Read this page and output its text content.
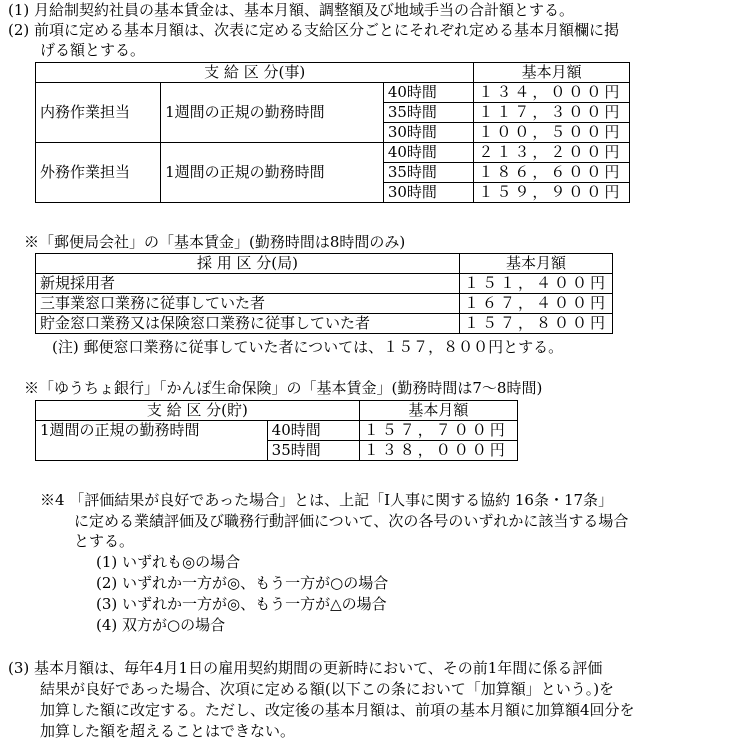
(1) 月給制契約社員の基本賃金は、基本月額、調整額及び地域手当の合計額とする。
(2) 前項に定める基本月額は、次表に定める支給区分ごとにそれぞれ定める基本月額欄に掲
げる額とする。
支 給 区 分(事)			基本月額
内務作業担当	1週間の正規の勤務時間	40時間	１３４，０００円
		35時間	１１７，３００円
		30時間	１００，５００円
外務作業担当	1週間の正規の勤務時間	40時間	２１３，２００円
		35時間	１８６，６００円
		30時間	１５９，９００円
※「郵便局会社」の「基本賃金」(勤務時間は8時間のみ)
採 用 区 分(局)	基本月額
新規採用者	１５１，４００円
三事業窓口業務に従事していた者	１６７，４００円
貯金窓口業務又は保険窓口業務に従事していた者	１５７，８００円
(注) 郵便窓口業務に従事していた者については、１５７，８００円とする。
※「ゆうちょ銀行」「かんぽ生命保険」の「基本賃金」(勤務時間は7～8時間)
支 給 区 分(貯)		基本月額
1週間の正規の勤務時間	40時間	１５７，７００円
	35時間	１３８，０００円
※4 「評価結果が良好であった場合」とは、上記「Ⅰ人事に関する協約 16条・17条」
に定める業績評価及び職務行動評価について、次の各号のいずれかに該当する場合
とする。
(1) いずれも◎の場合
(2) いずれか一方が◎、もう一方が○の場合
(3) いずれか一方が◎、もう一方が△の場合
(4) 双方が○の場合
(3) 基本月額は、毎年4月1日の雇用契約期間の更新時において、その前1年間に係る評価
結果が良好であった場合、次項に定める額(以下この条において「加算額」という。)を
加算した額に改定する。ただし、改定後の基本月額は、前項の基本月額に加算額4回分を
加算した額を超えることはできない。
